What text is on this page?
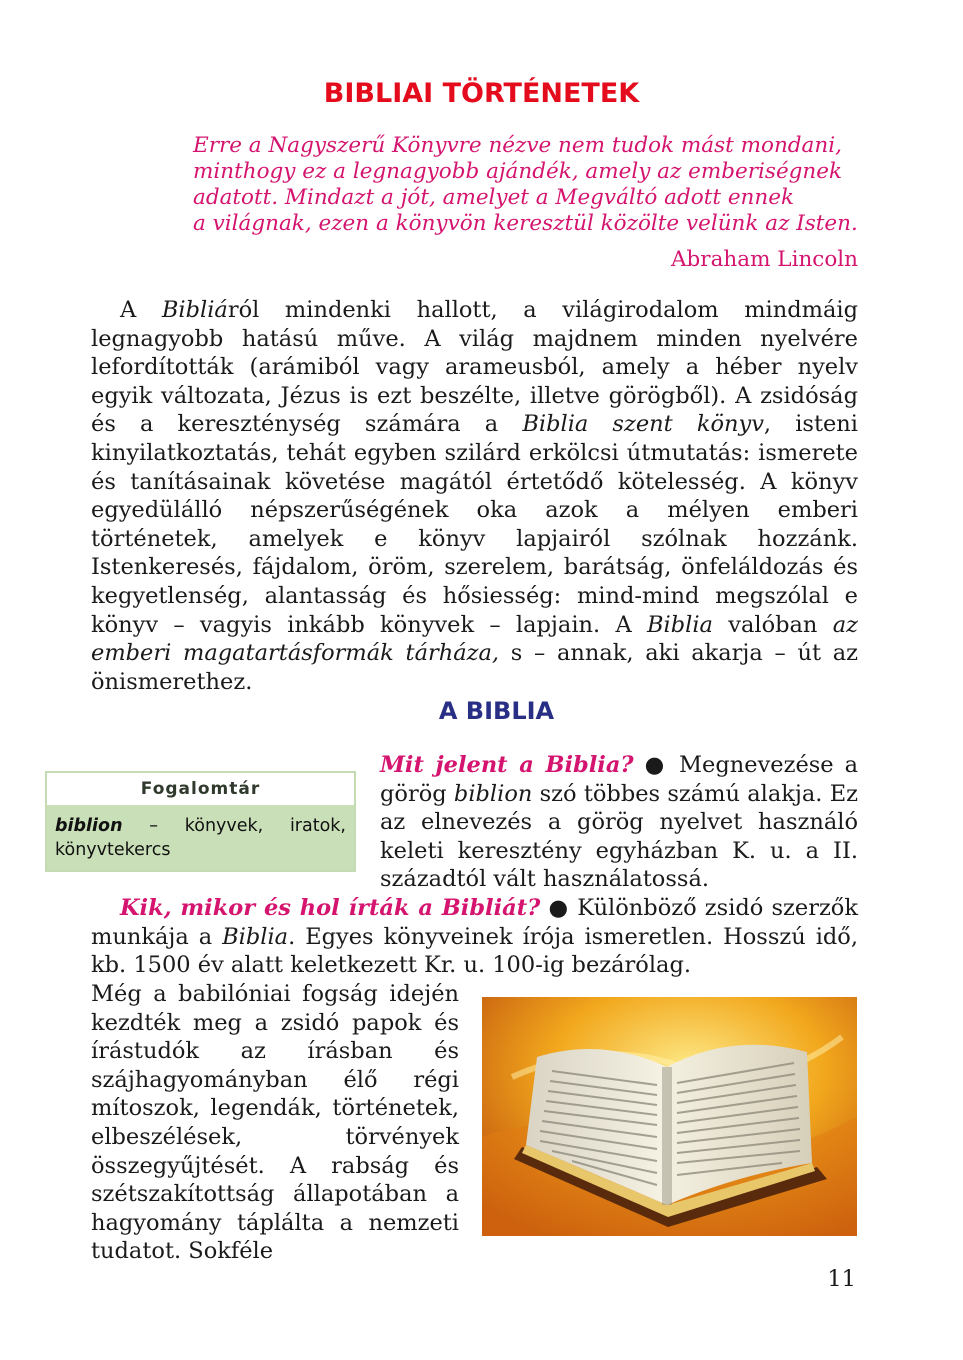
BIBLIAI TÖRTÉNETEK

Erre a Nagyszerű Könyvre nézve nem tudok mást mondani,

minthogy ez a legnagyobb ajándék, amely az emberiségnek

adatott. Mindazt a jót, amelyet a Megváltó adott ennek

a világnak, ezen a könyvön keresztül közölte velünk az Isten.

Abraham Lincoln

A Bibliáról mindenki hallott, a világirodalom mindmáig legnagyobb hatású műve. A világ majdnem minden nyelvére lefordították (arámiból vagy arameusból, amely a héber nyelv egyik változata, Jézus is ezt beszélte, illetve görögből). A zsidóság és a kereszténység számára a Biblia szent könyv, isteni kinyilatkoztatás, tehát egyben szilárd erkölcsi útmutatás: ismerete és tanításainak követése magától értetődő kötelesség. A könyv egyedülálló népszerűségének oka azok a mélyen emberi történetek, amelyek e könyv lapjairól szólnak hozzánk. Istenkeresés, fájdalom, öröm, szerelem, barátság, önfeláldozás és kegyetlenség, alantasság és hősiesség: mind-mind megszólal e könyv – vagyis inkább könyvek – lapjain. A Biblia valóban az emberi magatartásformák tárháza, s – annak, aki akarja – út az önismerethez.

A BIBLIA
Fogalomtár
biblion – könyvek, iratok, könyvtekercs

Mit jelent a Biblia? ● Megnevezése a görög biblion szó többes számú alakja. Ez az elnevezés a görög nyelvet használó keleti keresztény egyházban K. u. a II. századtól vált használatossá.

Kik, mikor és hol írták a Bibliát? ● Különböző zsidó szerzők munkája a Biblia. Egyes könyveinek írója ismeretlen. Hosszú idő, kb. 1500 év alatt keletkezett Kr. u. 100-ig bezárólag.

Még a babilóniai fogság idején kezdték meg a zsidó papok és írástudók az írásban és szájhagyományban élő régi mítoszok, legendák, történetek, elbeszélések, törvények összegyűjtését. A rabság és szétszakítottság állapotában a hagyomány táplálta a nemzeti tudatot. Sokféle

11
